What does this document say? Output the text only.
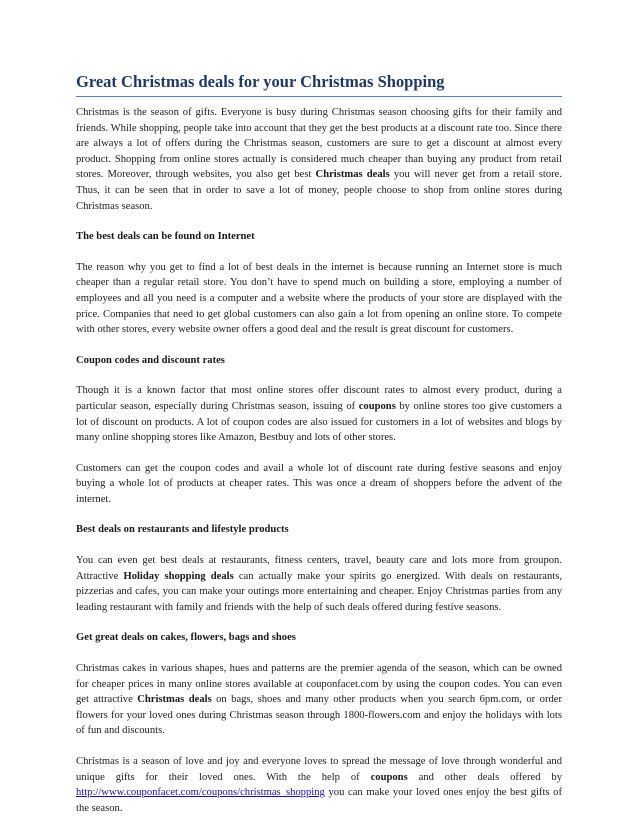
Great Christmas deals for your Christmas Shopping

Christmas is the season of gifts. Everyone is busy during Christmas season choosing gifts for their family and friends. While shopping, people take into account that they get the best products at a discount rate too. Since there are always a lot of offers during the Christmas season, customers are sure to get a discount at almost every product. Shopping from online stores actually is considered much cheaper than buying any product from retail stores. Moreover, through websites, you also get best Christmas deals you will never get from a retail store. Thus, it can be seen that in order to save a lot of money, people choose to shop from online stores during Christmas season.

The best deals can be found on Internet

The reason why you get to find a lot of best deals in the internet is because running an Internet store is much cheaper than a regular retail store. You don’t have to spend much on building a store, employing a number of employees and all you need is a computer and a website where the products of your store are displayed with the price. Companies that need to get global customers can also gain a lot from opening an online store. To compete with other stores, every website owner offers a good deal and the result is great discount for customers.

Coupon codes and discount rates

Though it is a known factor that most online stores offer discount rates to almost every product, during a particular season, especially during Christmas season, issuing of coupons by online stores too give customers a lot of discount on products. A lot of coupon codes are also issued for customers in a lot of websites and blogs by many online shopping stores like Amazon, Bestbuy and lots of other stores.

Customers can get the coupon codes and avail a whole lot of discount rate during festive seasons and enjoy buying a whole lot of products at cheaper rates. This was once a dream of shoppers before the advent of the internet.

Best deals on restaurants and lifestyle products

You can even get best deals at restaurants, fitness centers, travel, beauty care and lots more from groupon. Attractive Holiday shopping deals can actually make your spirits go energized. With deals on restaurants, pizzerias and cafes, you can make your outings more entertaining and cheaper. Enjoy Christmas parties from any leading restaurant with family and friends with the help of such deals offered during festive seasons.

Get great deals on cakes, flowers, bags and shoes

Christmas cakes in various shapes, hues and patterns are the premier agenda of the season, which can be owned for cheaper prices in many online stores available at couponfacet.com by using the coupon codes. You can even get attractive Christmas deals on bags, shoes and many other products when you search 6pm.com, or order flowers for your loved ones during Christmas season through 1800-flowers.com and enjoy the holidays with lots of fun and discounts.

Christmas is a season of love and joy and everyone loves to spread the message of love through wonderful and unique gifts for their loved ones. With the help of coupons and other deals offered by http://www.couponfacet.com/coupons/christmas_shopping you can make your loved ones enjoy the best gifts of the season.
